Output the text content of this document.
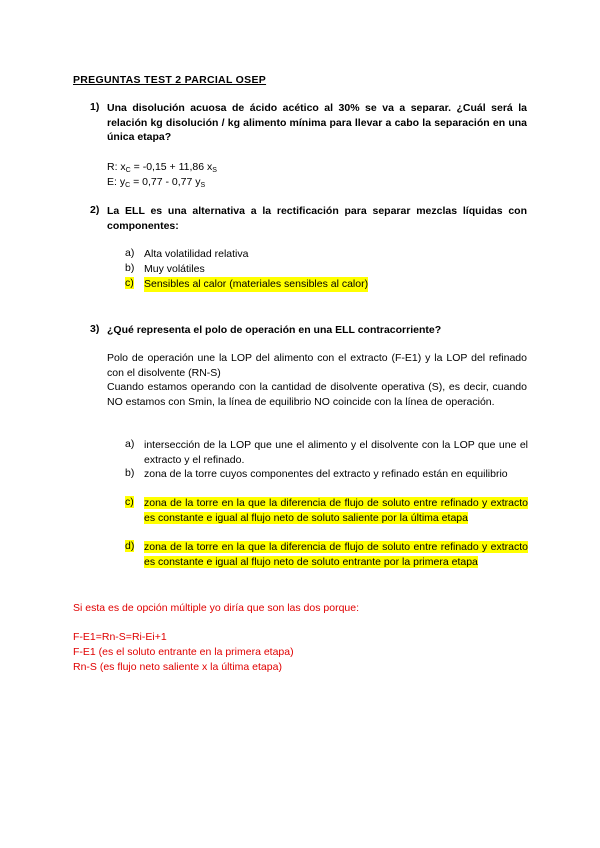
PREGUNTAS TEST 2 PARCIAL OSEP
1) Una disolución acuosa de ácido acético al 30% se va a separar. ¿Cuál será la relación kg disolución / kg alimento mínima para llevar a cabo la separación en una única etapa?
R: $x_C = -0,15 + 11,86$ $x_S$
E: $y_C = 0,77 - 0,77$ $y_S$
2) La ELL es una alternativa a la rectificación para separar mezclas líquidas con componentes:
a) Alta volatilidad relativa
b) Muy volátiles
c) Sensibles al calor (materiales sensibles al calor)
3) ¿Qué representa el polo de operación en una ELL contracorriente?
Polo de operación une la LOP del alimento con el extracto (F-E1) y la LOP del refinado con el disolvente (RN-S)
Cuando estamos operando con la cantidad de disolvente operativa (S), es decir, cuando NO estamos con Smin, la línea de equilibrio NO coincide con la línea de operación.
a) intersección de la LOP que une el alimento y el disolvente con la LOP que une el extracto y el refinado.
b) zona de la torre cuyos componentes del extracto y refinado están en equilibrio
c) zona de la torre en la que la diferencia de flujo de soluto entre refinado y extracto es constante e igual al flujo neto de soluto saliente por la última etapa
d) zona de la torre en la que la diferencia de flujo de soluto entre refinado y extracto es constante e igual al flujo neto de soluto entrante por la primera etapa
Si esta es de opción múltiple yo diría que son las dos porque:
F-E1=Rn-S=Ri-Ei+1
F-E1 (es el soluto entrante en la primera etapa)
Rn-S (es flujo neto saliente x la última etapa)
